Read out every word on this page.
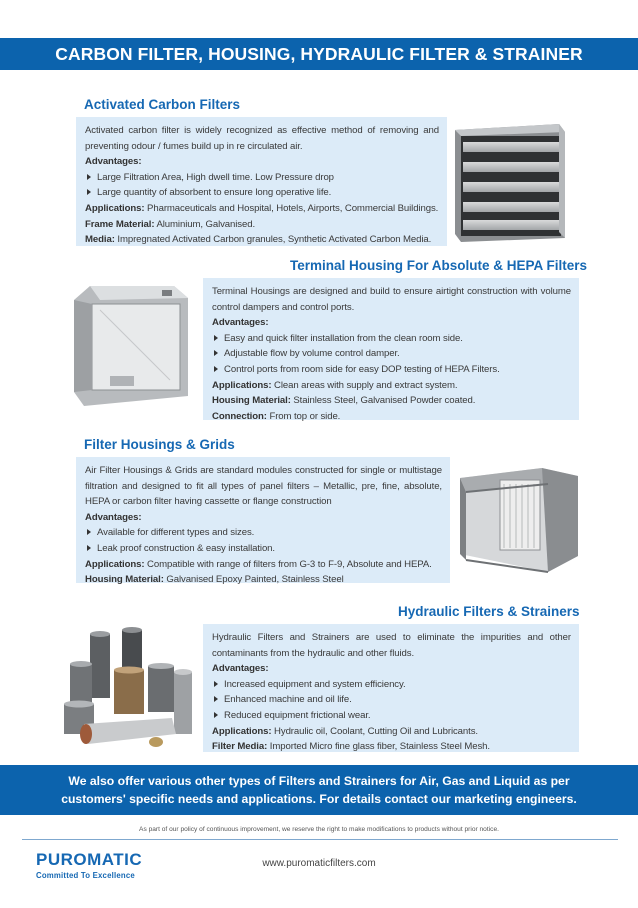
CARBON FILTER, HOUSING, HYDRAULIC FILTER & STRAINER
Activated Carbon Filters

Activated carbon filter is widely recognized as effective method of removing and preventing odour / fumes build up in re circulated air.

Advantages:

Large Filtration Area, High dwell time. Low Pressure drop
Large quantity of absorbent to ensure long operative life.

Applications: Pharmaceuticals and Hospital, Hotels, Airports, Commercial Buildings.

Frame Material: Aluminium, Galvanised.

Media: Impregnated Activated Carbon granules, Synthetic Activated Carbon Media.

Terminal Housing For Absolute & HEPA Filters

Terminal Housings are designed and build to ensure airtight construction with volume control dampers and control ports.

Advantages:

Easy and quick filter installation from the clean room side.
Adjustable flow by volume control damper.
Control ports from room side for easy DOP testing of HEPA Filters.

Applications: Clean areas with supply and extract system.

Housing Material: Stainless Steel, Galvanised Powder coated.

Connection: From top or side.

Filter Housings & Grids

Air Filter Housings & Grids are standard modules constructed for single or multistage filtration and designed to fit all types of panel filters – Metallic, pre, fine, absolute, HEPA or carbon filter having cassette or flange construction

Advantages:

Available for different types and sizes.
Leak proof construction & easy installation.

Applications: Compatible with range of filters from G-3 to F-9, Absolute and HEPA.

Housing Material: Galvanised Epoxy Painted, Stainless Steel

Hydraulic Filters & Strainers

Hydraulic Filters and Strainers are used to eliminate the impurities and other contaminants from the hydraulic and other fluids.

Advantages:

Increased equipment and system efficiency.
Enhanced machine and oil life.
Reduced equipment frictional wear.

Applications: Hydraulic oil, Coolant, Cutting Oil and Lubricants.

Filter Media: Imported Micro fine glass fiber, Stainless Steel Mesh.

We also offer various other types of Filters and Strainers for Air, Gas and Liquid as per customers' specific needs and applications. For details contact our marketing engineers.

As part of our policy of continuous improvement, we reserve the right to make modifications to products without prior notice.
PUROMATIC
Committed To Excellence
www.puromaticfilters.com
